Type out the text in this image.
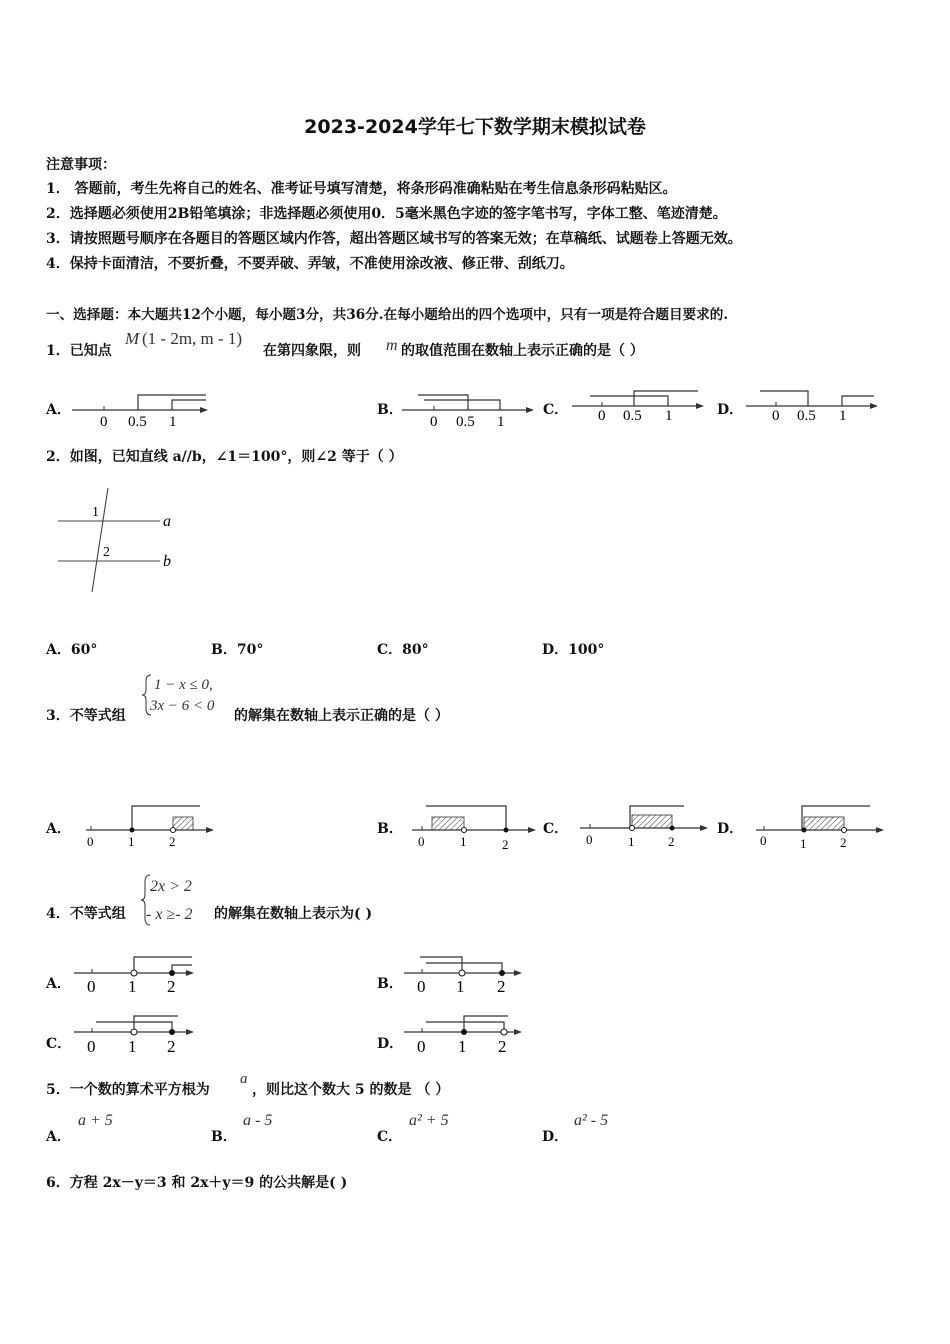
2023-2024学年七下数学期末模拟试卷
注意事项：
1． 答题前，考生先将自己的姓名、准考证号填写清楚，将条形码准确粘贴在考生信息条形码粘贴区。
2．选择题必须使用2B铅笔填涂；非选择题必须使用0．5毫米黑色字迹的签字笔书写，字体工整、笔迹清楚。
3．请按照题号顺序在各题目的答题区域内作答，超出答题区域书写的答案无效；在草稿纸、试题卷上答题无效。
4．保持卡面清洁，不要折叠，不要弄破、弄皱，不准使用涂改液、修正带、刮纸刀。
一、选择题：本大题共12个小题，每小题3分，共36分.在每小题给出的四个选项中，只有一项是符合题目要求的.
1．已知点
M (1 - 2m, m - 1)
在第四象限，则 m 的取值范围在数轴上表示正确的是（ ）
A．	B．	C．	D．
0 0.5 1	0 0.5 1	0 0.5 1	0 0.5 1
2．如图，已知直线 a//b，∠1＝100°，则∠2 等于（ ）
1
2
a
b
A．60°	B．70°	C．80°	D．100°
3．不等式组
1 − x ≤ 0,
3x − 6 < 0
的解集在数轴上表示正确的是（ ）
A．	B．	C．	D．
0	1	2	0	1	2	0	1	2	0	1	2
4．不等式组
2x > 2
- x ≥- 2 的解集在数轴上表示为( )
A．	B．
C．	D．
0 1 2	0 1 2
0 1 2	0 1 2
5．一个数的算术平方根为
a
，则比这个数大 5 的数是 （ ）
A．
a + 5
B．
a - 5
C．
a² + 5
D．
a² - 5
6．方程 2x－y＝3 和 2x＋y＝9 的公共解是( )
